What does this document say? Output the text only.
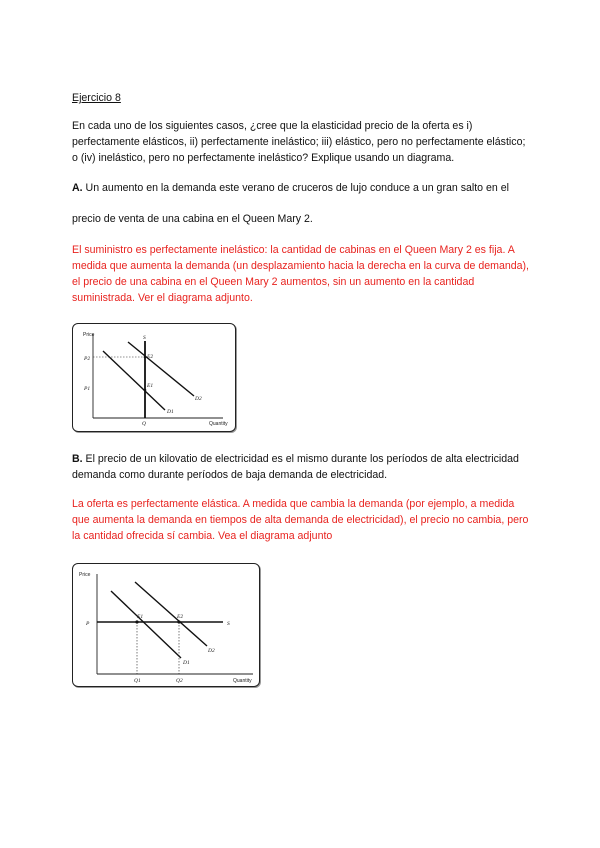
Ejercicio 8

En cada uno de los siguientes casos, ¿cree que la elasticidad precio de la oferta es i) perfectamente elásticos, ii) perfectamente inelástico; iii) elástico, pero no perfectamente elástico; o (iv) inelástico, pero no perfectamente inelástico? Explique usando un diagrama.

A. Un aumento en la demanda este verano de cruceros de lujo conduce a un gran salto en el

precio de venta de una cabina en el Queen Mary 2.

El suministro es perfectamente inelástico: la cantidad de cabinas en el Queen Mary 2 es fija. A medida que aumenta la demanda (un desplazamiento hacia la derecha en la curva de demanda), el precio de una cabina en el Queen Mary 2 aumentos, sin un aumento en la cantidad suministrada. Ver el diagrama adjunto.

Price
Quantity
S
D1
D2
P2
P1
E2
E1
Q

B. El precio de un kilovatio de electricidad es el mismo durante los períodos de alta electricidad demanda como durante períodos de baja demanda de electricidad.

La oferta es perfectamente elástica. A medida que cambia la demanda (por ejemplo, a medida que aumenta la demanda en tiempos de alta demanda de electricidad), el precio no cambia, pero la cantidad ofrecida sí cambia. Vea el diagrama adjunto

Price
Quantity
P	S
D1
D2
E1	E2
Q1	Q2
